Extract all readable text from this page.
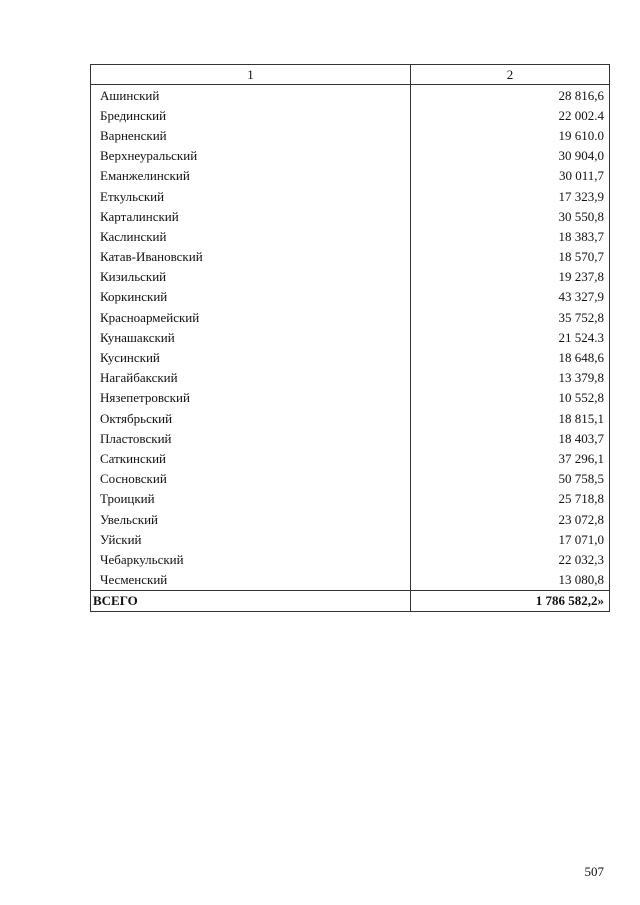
1	2
Ашинский	28 816,6
Брединский	22 002.4
Варненский	19 610.0
Верхнеуральский	30 904,0
Еманжелинский	30 011,7
Еткульский	17 323,9
Карталинский	30 550,8
Каслинский	18 383,7
Катав-Ивановский	18 570,7
Кизильский	19 237,8
Коркинский	43 327,9
Красноармейский	35 752,8
Кунашакский	21 524.3
Кусинский	18 648,6
Нагайбакский	13 379,8
Нязепетровский	10 552,8
Октябрьский	18 815,1
Пластовский	18 403,7
Саткинский	37 296,1
Сосновский	50 758,5
Троицкий	25 718,8
Увельский	23 072,8
Уйский	17 071,0
Чебаркульский	22 032,3
Чесменский	13 080,8
ВСЕГО	1 786 582,2»
507
